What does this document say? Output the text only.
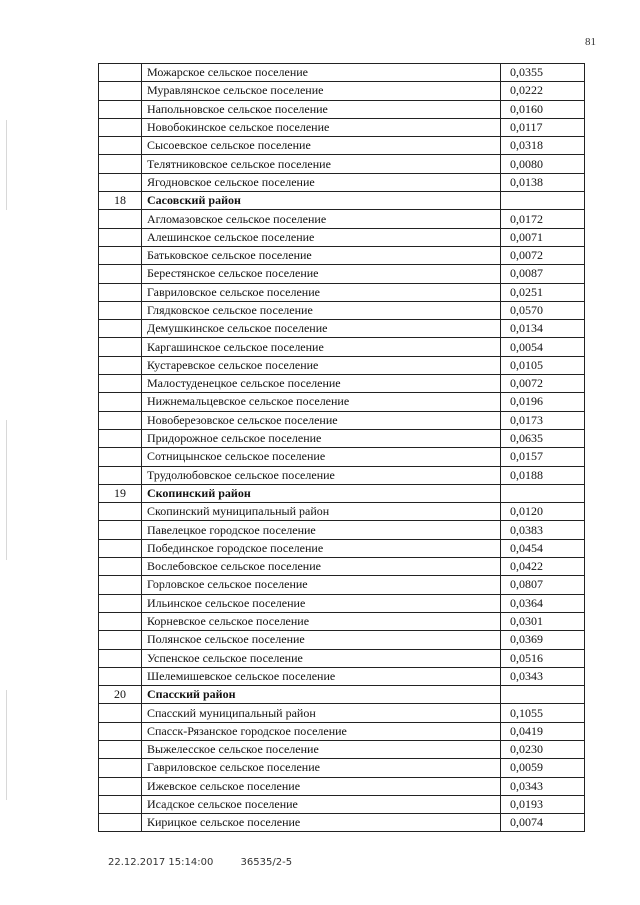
81
	Можарское сельское поселение	0,0355
	Муравлянское сельское поселение	0,0222
	Напольновское сельское поселение	0,0160
	Новобокинское сельское поселение	0,0117
	Сысоевское сельское поселение	0,0318
	Телятниковское сельское поселение	0,0080
	Ягодновское сельское поселение	0,0138
18	Сасовский район	
	Агломазовское сельское поселение	0,0172
	Алешинское сельское поселение	0,0071
	Батьковское сельское поселение	0,0072
	Берестянское сельское поселение	0,0087
	Гавриловское сельское поселение	0,0251
	Глядковское сельское поселение	0,0570
	Демушкинское сельское поселение	0,0134
	Каргашинское сельское поселение	0,0054
	Кустаревское сельское поселение	0,0105
	Малостуденецкое сельское поселение	0,0072
	Нижнемальцевское сельское поселение	0,0196
	Новоберезовское сельское поселение	0,0173
	Придорожное сельское поселение	0,0635
	Сотницынское сельское поселение	0,0157
	Трудолюбовское сельское поселение	0,0188
19	Скопинский район	
	Скопинский муниципальный район	0,0120
	Павелецкое городское поселение	0,0383
	Побединское городское поселение	0,0454
	Вослебовское сельское поселение	0,0422
	Горловское сельское поселение	0,0807
	Ильинское сельское поселение	0,0364
	Корневское сельское поселение	0,0301
	Полянское сельское поселение	0,0369
	Успенское сельское поселение	0,0516
	Шелемишевское сельское поселение	0,0343
20	Спасский район	
	Спасский муниципальный район	0,1055
	Спасск-Рязанское городское поселение	0,0419
	Выжелесское сельское поселение	0,0230
	Гавриловское сельское поселение	0,0059
	Ижевское сельское поселение	0,0343
	Исадское сельское поселение	0,0193
	Кирицкое сельское поселение	0,0074
22.12.2017 15:14:00	36535/2-5
